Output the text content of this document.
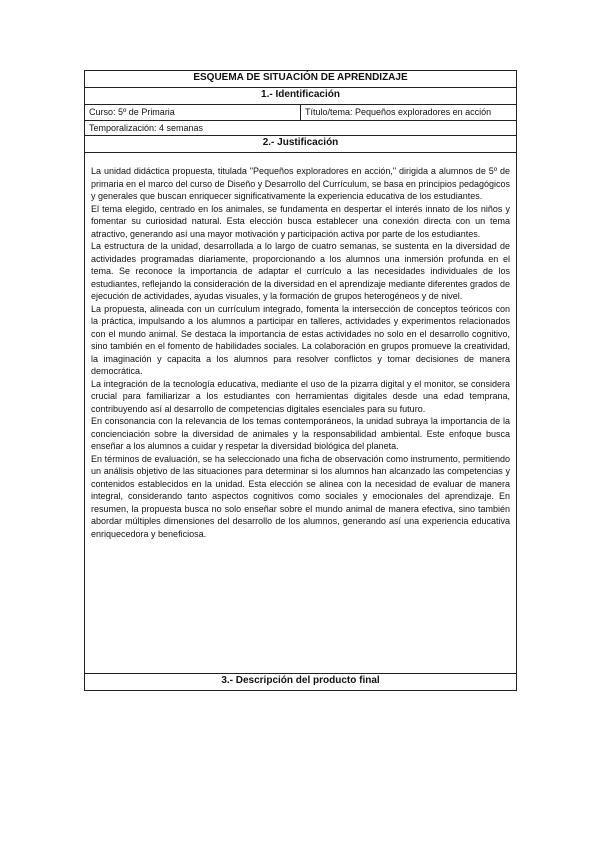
ESQUEMA DE SITUACIÓN DE APRENDIZAJE
1.- Identificación
Curso: 5º de Primaria	Título/tema: Pequeños exploradores en acción
Temporalización: 4 semanas
2.- Justificación

La unidad didáctica propuesta, titulada "Pequeños exploradores en acción," dirigida a alumnos de 5º de primaria en el marco del curso de Diseño y Desarrollo del Currículum, se basa en principios pedagógicos y generales que buscan enriquecer significativamente la experiencia educativa de los estudiantes.

El tema elegido, centrado en los animales, se fundamenta en despertar el interés innato de los niños y fomentar su curiosidad natural. Esta elección busca establecer una conexión directa con un tema atractivo, generando así una mayor motivación y participación activa por parte de los estudiantes.

La estructura de la unidad, desarrollada a lo largo de cuatro semanas, se sustenta en la diversidad de actividades programadas diariamente, proporcionando a los alumnos una inmersión profunda en el tema. Se reconoce la importancia de adaptar el currículo a las necesidades individuales de los estudiantes, reflejando la consideración de la diversidad en el aprendizaje mediante diferentes grados de ejecución de actividades, ayudas visuales, y la formación de grupos heterogéneos y de nivel.

La propuesta, alineada con un currículum integrado, fomenta la intersección de conceptos teóricos con la práctica, impulsando a los alumnos a participar en talleres, actividades y experimentos relacionados con el mundo animal. Se destaca la importancia de estas actividades no solo en el desarrollo cognitivo, sino también en el fomento de habilidades sociales. La colaboración en grupos promueve la creatividad, la imaginación y capacita a los alumnos para resolver conflictos y tomar decisiones de manera democrática.

La integración de la tecnología educativa, mediante el uso de la pizarra digital y el monitor, se considera crucial para familiarizar a los estudiantes con herramientas digitales desde una edad temprana, contribuyendo así al desarrollo de competencias digitales esenciales para su futuro.

En consonancia con la relevancia de los temas contemporáneos, la unidad subraya la importancia de la concienciación sobre la diversidad de animales y la responsabilidad ambiental. Este enfoque busca enseñar a los alumnos a cuidar y respetar la diversidad biológica del planeta.

En términos de evaluación, se ha seleccionado una ficha de observación como instrumento, permitiendo un análisis objetivo de las situaciones para determinar si los alumnos han alcanzado las competencias y contenidos establecidos en la unidad. Esta elección se alinea con la necesidad de evaluar de manera integral, considerando tanto aspectos cognitivos como sociales y emocionales del aprendizaje. En resumen, la propuesta busca no solo enseñar sobre el mundo animal de manera efectiva, sino también abordar múltiples dimensiones del desarrollo de los alumnos, generando así una experiencia educativa enriquecedora y beneficiosa.

3.- Descripción del producto final
